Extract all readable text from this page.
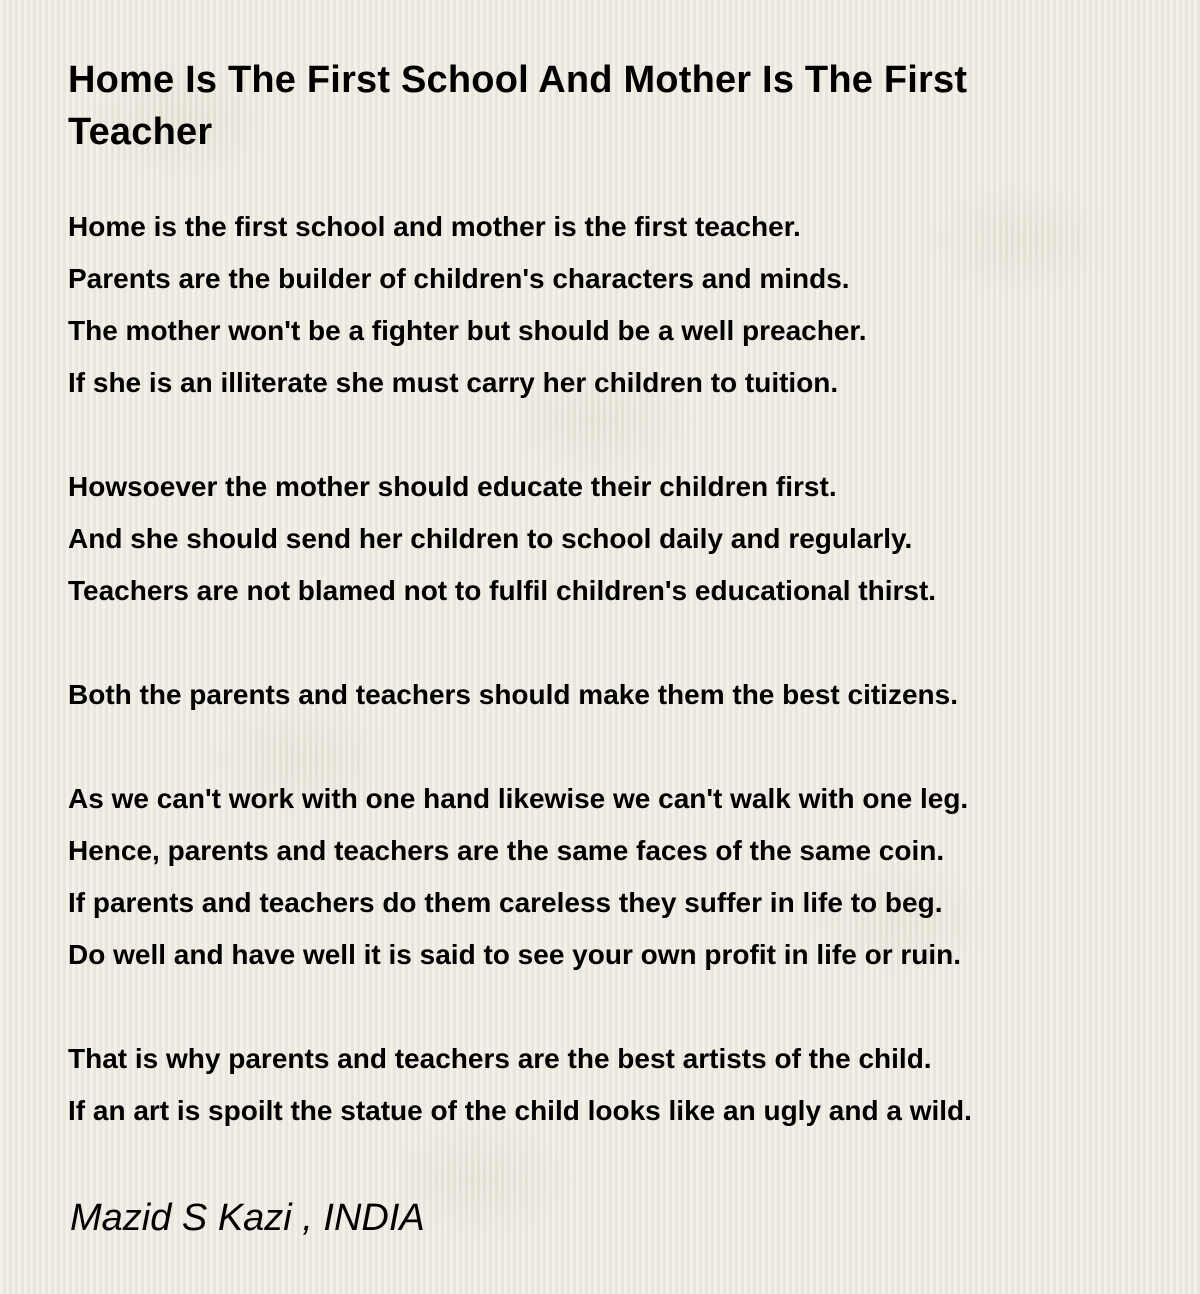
Home Is The First School And Mother Is The First Teacher
Home is the first school and mother is the first teacher.
Parents are the builder of children's characters and minds.
The mother won't be a fighter but should be a well preacher.
If she is an illiterate she must carry her children to tuition.
Howsoever the mother should educate their children first.
And she should send her children to school daily and regularly.
Teachers are not blamed not to fulfil children's educational thirst.
Both the parents and teachers should make them the best citizens.
As we can't work with one hand likewise we can't walk with one leg.
Hence, parents and teachers are the same faces of the same coin.
If parents and teachers do them careless they suffer in life to beg.
Do well and have well it is said to see your own profit in life or ruin.
That is why parents and teachers are the best artists of the child.
If an art is spoilt the statue of the child looks like an ugly and a wild.

Mazid S Kazi , INDIA
